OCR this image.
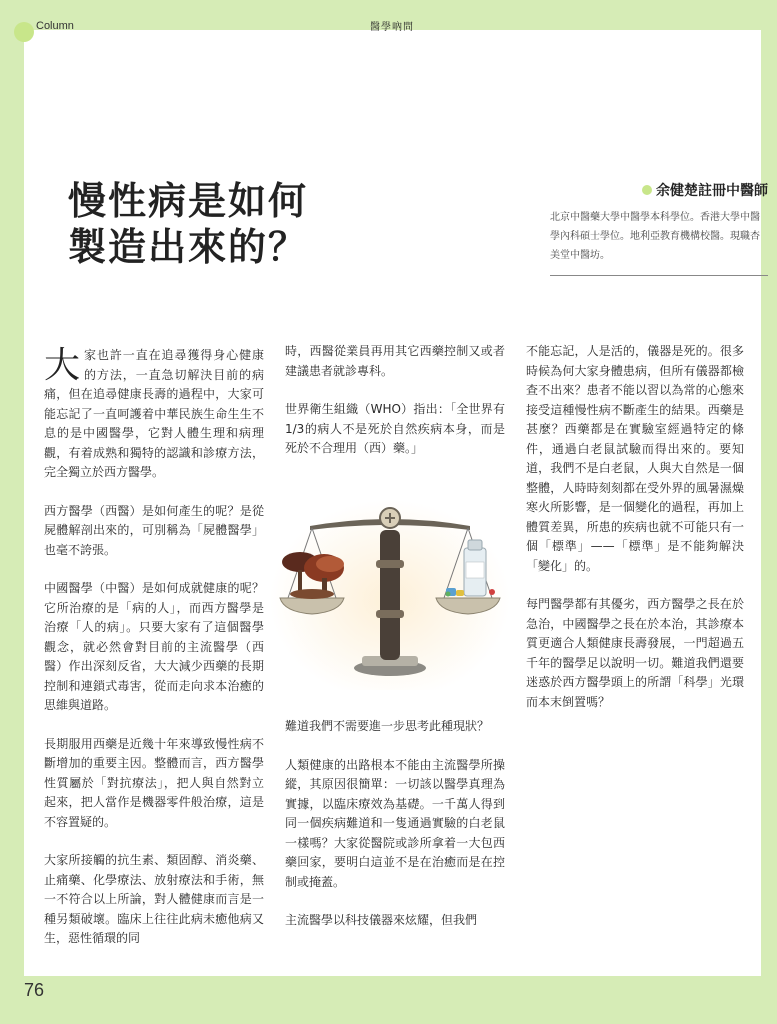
慢性病是如何
製造出來的？
余健楚註冊中醫師
北京中醫藥大學中醫學本科學位。香港大學中醫學內科碩士學位。地利亞教育機構校醫。現職杏美堂中醫坊。
Column	醫學吶問

大家也許一直在追尋獲得身心健康的方法，一直急切解決目前的病痛，但在追尋健康長壽的過程中，大家可能忘記了一直呵護着中華民族生命生生不息的是中國醫學，它對人體生理和病理觀，有着成熟和獨特的認識和診療方法，完全獨立於西方醫學。

西方醫學（西醫）是如何產生的呢？是從屍體解剖出來的，可別稱為「屍體醫學」也毫不誇張。

中國醫學（中醫）是如何成就健康的呢？它所治療的是「病的人」，而西方醫學是治療「人的病」。只要大家有了這個醫學觀念，就必然會對目前的主流醫學（西醫）作出深刻反省，大大減少西藥的長期控制和連鎖式毒害，從而走向求本治癒的思維與道路。

長期服用西藥是近幾十年來導致慢性病不斷增加的重要主因。整體而言，西方醫學性質屬於「對抗療法」，把人與自然對立起來，把人當作是機器零件般治療，這是不容置疑的。

大家所接觸的抗生素、類固醇、消炎藥、止痛藥、化學療法、放射療法和手術，無一不符合以上所論，對人體健康而言是一種另類破壞。臨床上往往此病未癒他病又生，惡性循環的同

時，西醫從業員再用其它西藥控制又或者建議患者就診專科。

世界衛生組織（WHO）指出：「全世界有1/3的病人不是死於自然疾病本身，而是死於不合理用（西）藥。」

難道我們不需要進一步思考此種現狀？

人類健康的出路根本不能由主流醫學所操縱，其原因很簡單：一切該以醫學真理為實據，以臨床療效為基礎。一千萬人得到同一個疾病難道和一隻通過實驗的白老鼠一樣嗎？大家從醫院或診所拿着一大包西藥回家，要明白這並不是在治癒而是在控制或掩蓋。

主流醫學以科技儀器來炫耀，但我們

不能忘記，人是活的，儀器是死的。很多時候為何大家身體患病，但所有儀器都檢查不出來？患者不能以習以為常的心態來接受這種慢性病不斷產生的結果。西藥是甚麼？西藥都是在實驗室經過特定的條件，通過白老鼠試驗而得出來的。要知道，我們不是白老鼠，人與大自然是一個整體，人時時刻刻都在受外界的風暑濕燥寒火所影響，是一個變化的過程，再加上體質差異，所患的疾病也就不可能只有一個「標準」——「標準」是不能夠解決「變化」的。

每門醫學都有其優劣，西方醫學之長在於急治，中國醫學之長在於本治，其診療本質更適合人類健康長壽發展，一門超過五千年的醫學足以說明一切。難道我們還要迷惑於西方醫學頭上的所謂「科學」光環而本末倒置嗎？

76
